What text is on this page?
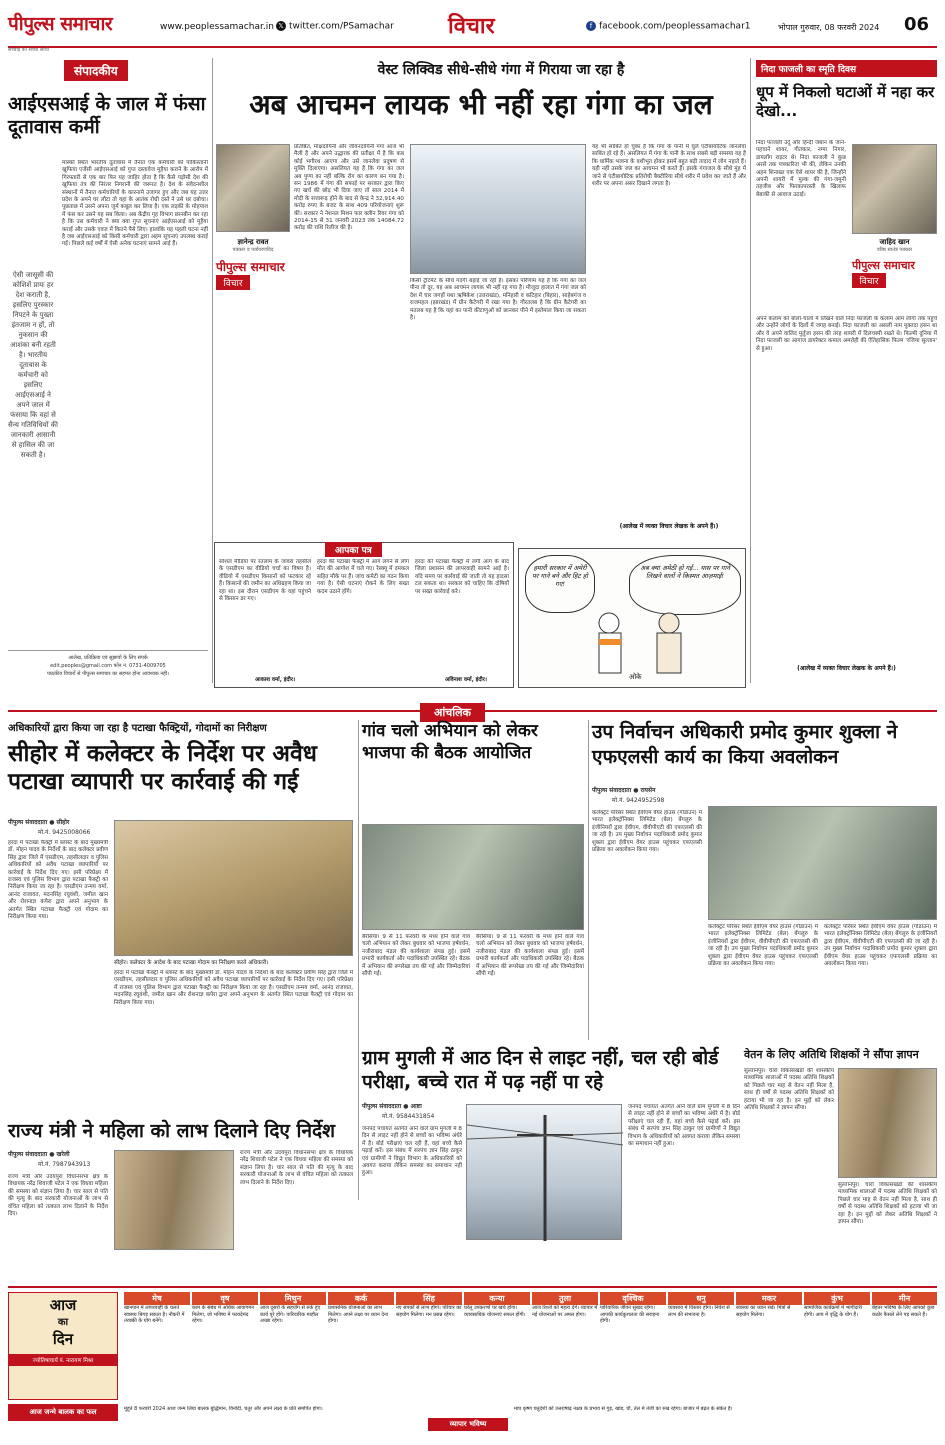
पीपुल्स समाचार
सच्चाई का सच्चा साथी
www.peoplessamachar.in 𝕏 twitter.com/PSamachar विचार	f facebook.com/peoplessamachar1	भोपाल गुरुवार, 08 फरवरी 2024 06
संपादकीय
आईएसआई के जाल में फंसा दूतावास कर्मी
मास्को स्थित भारतीय दूतावास में तैनात एक कर्मचारी को पाकिस्तानी खुफिया एजेंसी आईएसआई को गुप्त दस्तावेज मुहैया कराने के आरोप में गिरफ्तारी से एक बार फिर यह जाहिर होता है कि कैसे पड़ोसी देश की खुफिया तंत्र की निरंतर निगरानी की जरूरत है। देश के संवेदनशील संस्थानों में तैनात कर्मचारियों के कारनामे उजागर हुए और जब यह उत्तर प्रदेश के अपने घर लौटा तो यहां के आतंक रोधी दस्ते ने उसे धर दबोचा। पूछताछ में उसने अपना जुर्म कबूल कर लिया है। एक लड़की के मोहपाश में फंस कर उसने यह सब किया। अब केंद्रीय गृह विभाग छानबीन कर रहा है कि उस कर्मचारी ने क्या क्या गुप्त सूचनाएं आईएसआई को मुहैया कराईं और उसके एवज में कितने पैसे लिए। हालांकि यह पहली घटना नहीं है जब आईएसआई को किसी कर्मचारी द्वारा अहम सूचनाएं उपलब्ध कराई गईं। पिछले कई वर्षों में ऐसी अनेक घटनाएं सामने आई हैं।
ऐसी जासूसी की कोशिशें प्रायः हर देश कराती है, इसलिए पुरस्कार निपटने के पुख्ता इंतजाम न हों, तो नुकसान की आशंका बनी रहती है। भारतीय दूतावास के कर्मचारी को इसलिए आईएसआई ने अपने जाल में फंसाया कि वहां से सैन्य गतिविधियों की जानकारी आसानी से हासिल की जा सकती है।
आलेख, प्रतिक्रिया एवं सुझावों के लिए संपर्क
edit.peoples@gmail.com फोन नं. 0731-4009705
पाठकीय विचारों से पीपुल्स समाचार का सहमत होना आवश्यक नहीं।
वेस्ट लिक्विड सीधे-सीधे गंगा में गिराया जा रहा है
अब आचमन लायक भी नहीं रहा गंगा का जल
ज्ञानेन्द्र रावत
पत्रकार व पर्यावरणविद
पीपुल्स समाचार
विचार
प्रतिष्ठित, मोक्षदायिनी और जीवनदायिनी गंगा आज भी मैली है और अपने उद्धारक की प्रतीक्षा में है कि कब कोई भगीरथ आएगा और उसे जानलेवा प्रदूषण से मुक्ति दिलाएगा। असलियत यह है कि गंगा का जल अब पुण्य का नहीं बल्कि रोग का कारण बन गया है। सन 1986 में गंगा की सफाई पर सरकार द्वारा किए गए खर्च की छोड़ भी दिया जाए तो साल 2014 में मोदी के सत्तारूढ़ होने के बाद से केन्द्र ने 32,914.40 करोड़ रुपए के बजट के साथ 409 परियोजनाएं शुरू कीं। सरकार ने नेशनल मिशन फार क्लीन रिवर गंगा को 2014-15 से 31 जनवरी 2023 तक 14084.72 करोड़ की राशि रिलीज की है।
किसी ट्रीटमेंट के सीधे गंदगी बहाई जा रही है। इसका परिणाम यह है कि गंगा का जल पीना तो दूर, यह अब आचमन लायक भी नहीं रह गया है। मौजूदा हालात में गंगा जल को देश में चार जगहों यथा ऋषिकेश (उत्तराखंड), मनिहारी व कटिहार (बिहार), साहेबगंज व राजमहल (झारखंड) में ग्रीन कैटेगरी में रखा गया है। गौरतलब है कि ग्रीन कैटेगरी का मतलब यह है कि यहां का पानी कीटाणुओं को छानकर पीने में इस्तेमाल किया जा सकता है।
यह भी साबित हो चुका है कि गंगा के पानी में घुले एंटीबायोटिक जानलेवा साबित हो रहे हैं। असलियत में गंगा के पानी के साथ सबसे बड़ी समस्या यह है कि धार्मिक भावना के वशीभूत होकर इसमें बहुत बड़ी तादाद में लोग नहाते हैं। यही नहीं उसके जल का आचमन भी करते हैं। इसके गंगाजल के सीधे मुंह में जाने से एंटीबायोटिक प्रतिरोधी बैक्टीरिया सीधे शरीर में प्रवेश कर जाते हैं और शरीर पर अपना असर दिखाने लगता है।
(आलेख में व्यक्त विचार लेखक के अपने हैं।)
निदा फाजली का स्मृति दिवस
धूप में निकलो घटाओं में नहा कर देखो...
निदा फाजली उर्दू और हिन्दी जबान के जाने-पहचाने शायर, गीतकार, नग्मा निगार, डायलॉग राइटर थे। निदा फाजली ने कुछ अरसे तक पत्रकारिता भी की, लेकिन उनकी अहम शिनाख्त एक ऐसे शायर की है, जिन्होंने अपनी शायरी में मुल्क की गंगा-जमुनी तहजीब और फिरकापरस्ती के खिलाफ बेबाकी से आवाज उठाई।
जाहिद खान
वरिष्ठ स्वतंत्र पत्रकार
पीपुल्स समाचार
विचार
अपने कलाम को बोलो-चालो में लिखने वाले निदा फाजली के कलाम आम लोगों तक पहुंचे और उन्होंने लोगों के दिलों में जगह बनाई। निदा फाजली का असली नाम मुक्तदा हसन था और वे अपने वालिद मुर्तुजा हसन की तरह शायरी में दिलचस्पी रखते थे। फिल्मी दुनिया में निदा फाजली का आगाज डायरेक्टर कमाल अमरोही की ऐतिहासिक फिल्म 'रजिया सुल्तान' से हुआ।
(आलेख में व्यक्त विचार लेखक के अपने हैं।)
आपका पत्र
सोशल मीडिया पर रतलाम के जावरा तहसील के एसडीएम का वीडियो चर्चा का विषय है। वीडियो में एसडीएम किसानों को फटकार रहे हैं। किसानों की जमीन का अधिग्रहण किया जा रहा था। इस दौरान एसडीएम के वहां पहुंचने से किसान डर गए।
हरदा की पटाखा फैक्ट्री में आग लगने से लोग मौत की आगोश में चले गए। रेस्क्यू में दमकल सहित मौके पर हैं। जांच कमेटी का गठन किया गया है। ऐसी घटनाएं रोकने के लिए सख्त कदम उठाने होंगे।
हरदा की पटाखा फैक्ट्री में लगी आग के बाद जिला प्रशासन की लापरवाही सामने आई है। यदि समय पर कार्रवाई की जाती तो यह हादसा टल सकता था। सरकार को चाहिए कि दोषियों पर सख्त कार्रवाई करे।
आकाश वर्मा, इंदौर।	अविनाश वर्मा, इंदौर।
हमारी सरकार में अमेरी पर गाने बने और हिट हो गए!
अब क्या अमेठी हो गई... यास पर गाने लिखने वालों ने किस्मत आज़माई!
ओके
आंचलिक
अधिकारियों द्वारा किया जा रहा है पटाखा फैक्ट्रियों, गोदामों का निरीक्षण
सीहोर में कलेक्टर के निर्देश पर अवैध पटाखा व्यापारी पर कार्रवाई की गई
पीपुल्स संवाददाता ● सीहोर
मो.नं. 9425008066
हरदा में पटाखा फैक्ट्री में ब्लास्ट के बाद मुख्यमंत्री डॉ. मोहन यादव के निर्देशों के बाद कलेक्टर प्रवीण सिंह द्वारा जिले में एसडीएम, तहसीलदार व पुलिस अधिकारियों को अवैध पटाखा व्यापारियों पर कार्रवाई के निर्देश दिए गए। इसी परिप्रेक्ष्य में राजस्व एवं पुलिस विभाग द्वारा पटाखा फैक्ट्री का निरीक्षण किया जा रहा है। एसडीएम तन्मय वर्मा, आनंद राजावत, मदनसिंह रघुवंशी, जमील खान और रोशनाज्ञ कपेरा द्वारा अपने अनुभाग के अंतर्गत स्थित पटाखा फैक्ट्री एवं गोदाम का निरीक्षण किया गया।
सीहोर। कलेक्टर के आदेश के बाद पटाखा गोदाम का निरीक्षण करते अधिकारी।
हरदा में पटाखा फैक्ट्री में ब्लास्ट के बाद मुख्यमंत्री डॉ. मोहन यादव के निर्देशों के बाद कलेक्टर प्रवीण सिंह द्वारा जिले में एसडीएम, तहसीलदार व पुलिस अधिकारियों को अवैध पटाखा व्यापारियों पर कार्रवाई के निर्देश दिए गए। इसी परिप्रेक्ष्य में राजस्व एवं पुलिस विभाग द्वारा पटाखा फैक्ट्री का निरीक्षण किया जा रहा है। एसडीएम तन्मय वर्मा, आनंद राजावत, मदनसिंह रघुवंशी, जमील खान और रोशनाज्ञ कपेरा द्वारा अपने अनुभाग के अंतर्गत स्थित पटाखा फैक्ट्री एवं गोदाम का निरीक्षण किया गया।
राज्य मंत्री ने महिला को लाभ दिलाने दिए निर्देश
पीपुल्स संवाददाता ● खरेली
मो.नं. 7987943913
राज्य मंत्री और उदयपुरा विधानसभा क्षेत्र के विधायक नरेंद्र शिवाजी पटेल ने एक विधवा महिला की समस्या को संज्ञान लिया है। चार साल से पति की मृत्यु के बाद सरकारी योजनाओं के लाभ से वंचित महिला को तत्काल लाभ दिलाने के निर्देश दिए।
राज्य मंत्री और उदयपुरा विधानसभा क्षेत्र के विधायक नरेंद्र शिवाजी पटेल ने एक विधवा महिला की समस्या को संज्ञान लिया है। चार साल से पति की मृत्यु के बाद सरकारी योजनाओं के लाभ से वंचित महिला को तत्काल लाभ दिलाने के निर्देश दिए।
गांव चलो अभियान को लेकर भाजपा की बैठक आयोजित
बैरसिया। 9 से 11 फरवरी के मध्य होने वाले गांव चलो अभियान को लेकर बुधवार को भाजपा हर्षवर्धन, नजीराबाद मंडल की कार्यशाला संपन्न हुई। इसमें प्रभारी कार्यकर्ता और पदाधिकारी उपस्थित रहे। बैठक में अभियान की रूपरेखा तय की गई और जिम्मेदारियां सौंपी गईं।
बैरसिया। 9 से 11 फरवरी के मध्य होने वाले गांव चलो अभियान को लेकर बुधवार को भाजपा हर्षवर्धन, नजीराबाद मंडल की कार्यशाला संपन्न हुई। इसमें प्रभारी कार्यकर्ता और पदाधिकारी उपस्थित रहे। बैठक में अभियान की रूपरेखा तय की गई और जिम्मेदारियां सौंपी गईं।
ग्राम मुगली में आठ दिन से लाइट नहीं, चल रही बोर्ड परीक्षा, बच्चे रात में पढ़ नहीं पा रहे
पीपुल्स संवाददाता ● आष्टा
मो.नं. 9584431854
जनपद पंचायत अंतर्गत आने वाले ग्राम मुगली में 8 दिन से लाइट नहीं होने से बच्चों का भविष्य अंधेरे में है। बोर्ड परीक्षाएं चल रही हैं, वहां बच्चे कैसे पढ़ाई करें। इस संबंध में सरपंच ज्ञान सिंह ठाकुर एवं ग्रामीणों ने विद्युत विभाग के अधिकारियों को अवगत कराया लेकिन समस्या का समाधान नहीं हुआ।
जनपद पंचायत अंतर्गत आने वाले ग्राम मुगली में 8 दिन से लाइट नहीं होने से बच्चों का भविष्य अंधेरे में है। बोर्ड परीक्षाएं चल रही हैं, वहां बच्चे कैसे पढ़ाई करें। इस संबंध में सरपंच ज्ञान सिंह ठाकुर एवं ग्रामीणों ने विद्युत विभाग के अधिकारियों को अवगत कराया लेकिन समस्या का समाधान नहीं हुआ।
उप निर्वाचन अधिकारी प्रमोद कुमार शुक्ला ने एफएलसी कार्य का किया अवलोकन
पीपुल्स संवाददाता ● रायसेन
मो.नं. 9424952598
कलेक्ट्रेट परिसर स्थित ईवीएम वेयर हाउस (गोडाउन) में भारत इलेक्ट्रॉनिक्स लिमिटेड (बेल) बेंगलुरु के इंजीनियरों द्वारा ईवीएम, वीवीपीएटी की एफएलसी की जा रही है। उप मुख्य निर्वाचन पदाधिकारी प्रमोद कुमार शुक्ला द्वारा ईवीएम वेयर हाउस पहुंचकर एफएलसी प्रक्रिया का अवलोकन किया गया।
कलेक्ट्रेट परिसर स्थित ईवीएम वेयर हाउस (गोडाउन) में भारत इलेक्ट्रॉनिक्स लिमिटेड (बेल) बेंगलुरु के इंजीनियरों द्वारा ईवीएम, वीवीपीएटी की एफएलसी की जा रही है। उप मुख्य निर्वाचन पदाधिकारी प्रमोद कुमार शुक्ला द्वारा ईवीएम वेयर हाउस पहुंचकर एफएलसी प्रक्रिया का अवलोकन किया गया।
कलेक्ट्रेट परिसर स्थित ईवीएम वेयर हाउस (गोडाउन) में भारत इलेक्ट्रॉनिक्स लिमिटेड (बेल) बेंगलुरु के इंजीनियरों द्वारा ईवीएम, वीवीपीएटी की एफएलसी की जा रही है। उप मुख्य निर्वाचन पदाधिकारी प्रमोद कुमार शुक्ला द्वारा ईवीएम वेयर हाउस पहुंचकर एफएलसी प्रक्रिया का अवलोकन किया गया।
वेतन के लिए अतिथि शिक्षकों ने सौंपा ज्ञापन
सुल्तानपुर। चारों विकासखंडों की शासकीय माध्यमिक शालाओं में पदस्थ अतिथि शिक्षकों को पिछले चार माह से वेतन नहीं मिला है, साथ ही वर्षों से पदस्थ अतिथि शिक्षकों को हटाया भी जा रहा है। इन मुद्दों को लेकर अतिथि शिक्षकों ने ज्ञापन सौंपा।
सुल्तानपुर। चारों विकासखंडों की शासकीय माध्यमिक शालाओं में पदस्थ अतिथि शिक्षकों को पिछले चार माह से वेतन नहीं मिला है, साथ ही वर्षों से पदस्थ अतिथि शिक्षकों को हटाया भी जा रहा है। इन मुद्दों को लेकर अतिथि शिक्षकों ने ज्ञापन सौंपा।
आज
का
दिन
ज्योतिषाचार्य पं. नारायण मिश्रा
मेष
खानपान में लापरवाही के चलते स्वास्थ्य बिगड़ सकता है। नौकरी में तरक्की के योग बनेंगे।
वृष
काम के संबंध में अधिक आवागमन मिलेगा, जो भविष्य में फायदेमंद रहेगा।
मिथुन
आज दूसरों के सहयोग से रुके हुए कार्य पूरे होंगे। पारिवारिक माहौल अच्छा रहेगा।
कर्क
प्रशासनिक योजनाओं का लाभ मिलेगा। अपने लक्ष्य पर ध्यान देना होगा।
सिंह
नए संपर्कों से लाभ होगा। परिवार का सहयोग मिलेगा। मन प्रसन्न रहेगा।
कन्या
घरेलू उपकरणों पर खर्च होगा। व्यावसायिक योजनाएं सफल होंगी।
तुला
आज रिश्तों को महत्व देंगे। व्यापार में नई योजनाओं पर अमल होगा।
वृश्चिक
पारिवारिक जीवन सुखद रहेगा। आपकी कार्यकुशलता की सराहना होगी।
धनु
व्यवसाय में विस्तार होगा। निवेश से लाभ की संभावना है।
मकर
स्वास्थ्य का ध्यान रखें। मित्रों से सहयोग मिलेगा।
कुंभ
सामाजिक कार्यक्रमों में भागीदारी होगी। आय में वृद्धि के योग हैं।
मीन
बेहतर भविष्य के लिए आपको कुछ कठोर फैसले लेने पड़ सकते हैं।
आज जन्मे बालक का फल	मुहूर्त 8 फरवरी 2024 आज जन्म लिया बालक बुद्धिमान, विनोदी, चतुर और अपने लक्ष्य के प्रति समर्पित होगा।
व्यापार भविष्य
माघ कृष्ण चतुर्दशी को उत्तराषाढ़ नक्षत्र के प्रभाव से गुड़, खांड, घी, तेल में तेजी का रुख रहेगा। बाजार में बढ़त के संकेत हैं।
